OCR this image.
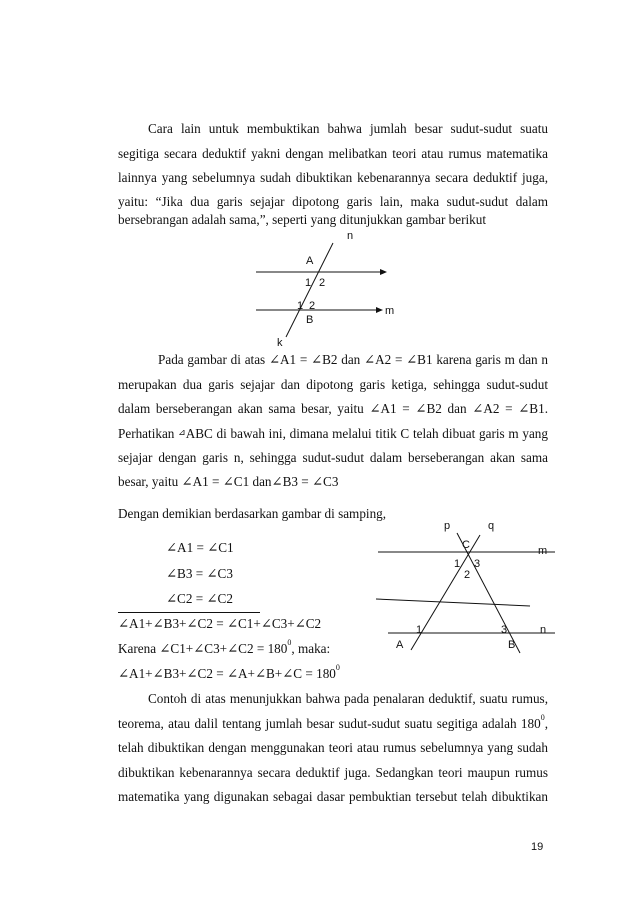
Cara lain untuk membuktikan bahwa jumlah besar sudut-sudut suatu
segitiga secara deduktif yakni dengan melibatkan teori atau rumus matematika
lainnya yang sebelumnya sudah dibuktikan kebenarannya secara deduktif juga,
yaitu: “Jika dua garis sejajar dipotong garis lain, maka sudut-sudut dalam
bersebrangan adalah sama,”, seperti yang ditunjukkan gambar berikut
n
A
1 2
1 2
B
m
k
Pada gambar di atas ∠A1 = ∠B2 dan ∠A2 = ∠B1 karena garis m dan n
merupakan dua garis sejajar dan dipotong garis ketiga, sehingga sudut-sudut
dalam berseberangan akan sama besar, yaitu ∠A1 = ∠B2 dan ∠A2 = ∠B1.
Perhatikan ⊿ABC di bawah ini, dimana melalui titik C telah dibuat garis m yang
sejajar dengan garis n, sehingga sudut-sudut dalam berseberangan akan sama
besar, yaitu ∠A1 = ∠C1 dan∠B3 = ∠C3
Dengan demikian berdasarkan gambar di samping,
∠A1 = ∠C1
∠B3 = ∠C3
∠C2 = ∠C2
∠A1+∠B3+∠C2 = ∠C1+∠C3+∠C2
Karena ∠C1+∠C3+∠C2 = $180^0$, maka:
∠A1+∠B3+∠C2 = ∠A+∠B+∠C = $180^0$
p	q
C	m
1 3
2
1	3	n
A	B
Contoh di atas menunjukkan bahwa pada penalaran deduktif, suatu rumus,
teorema, atau dalil tentang jumlah besar sudut-sudut suatu segitiga adalah $180^0$,
telah dibuktikan dengan menggunakan teori atau rumus sebelumnya yang sudah
dibuktikan kebenarannya secara deduktif juga. Sedangkan teori maupun rumus
matematika yang digunakan sebagai dasar pembuktian tersebut telah dibuktikan
19
